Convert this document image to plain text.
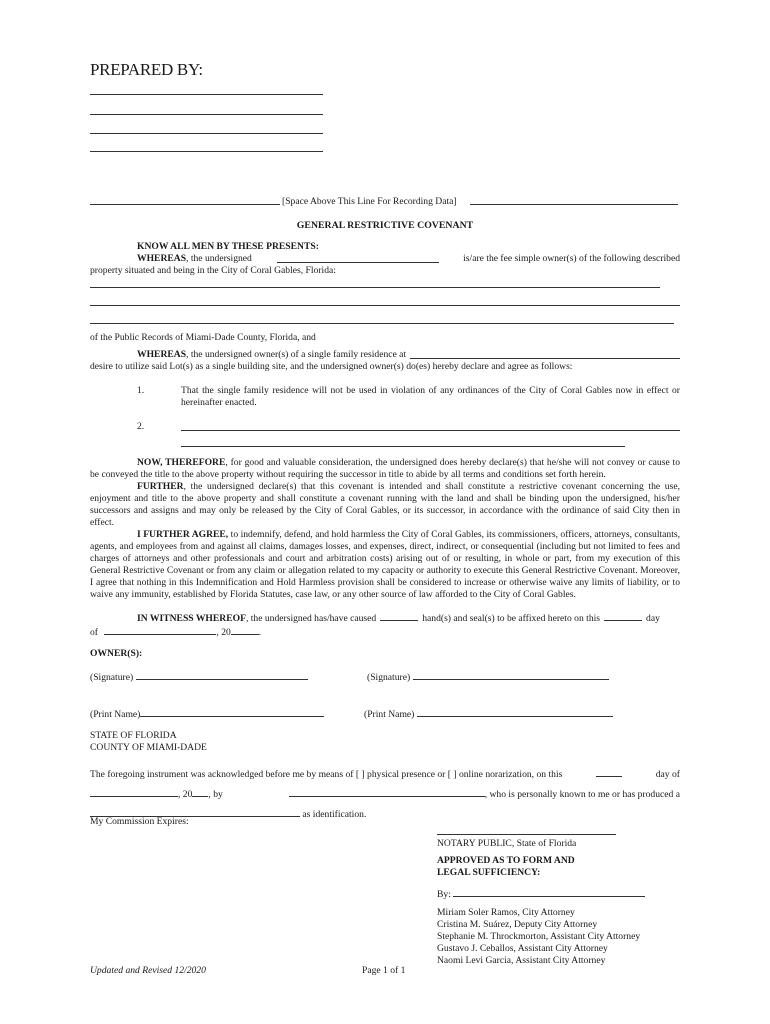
PREPARED BY:
[Space Above This Line For Recording Data]
GENERAL RESTRICTIVE COVENANT
KNOW ALL MEN BY THESE PRESENTS:
WHEREAS, the undersigned	is/are the fee simple owner(s) of the following described
property situated and being in the City of Coral Gables, Florida:
of the Public Records of Miami-Dade County, Florida, and
WHEREAS, the undersigned owner(s) of a single family residence at
desire to utilize said Lot(s) as a single building site, and the undersigned owner(s) do(es) hereby declare and agree as follows:
1.	That the single family residence will not be used in violation of any ordinances of the City of Coral Gables now in effect or hereinafter enacted.
2.
NOW, THEREFORE, for good and valuable consideration, the undersigned does hereby declare(s) that he/she will not convey or cause to be conveyed the title to the above property without requiring the successor in title to abide by all terms and conditions set forth herein.
FURTHER, the undersigned declare(s) that this covenant is intended and shall constitute a restrictive covenant concerning the use, enjoyment and title to the above property and shall constitute a covenant running with the land and shall be binding upon the undersigned, his/her successors and assigns and may only be released by the City of Coral Gables, or its successor, in accordance with the ordinance of said City then in effect.
I FURTHER AGREE, to indemnify, defend, and hold harmless the City of Coral Gables, its commissioners, officers, attorneys, consultants, agents, and employees from and against all claims, damages losses, and expenses, direct, indirect, or consequential (including but not limited to fees and charges of attorneys and other professionals and court and arbitration costs) arising out of or resulting, in whole or part, from my execution of this General Restrictive Covenant or from any claim or allegation related to my capacity or authority to execute this General Restrictive Covenant. Moreover, I agree that nothing in this Indemnification and Hold Harmless provision shall be considered to increase or otherwise waive any limits of liability, or to waive any immunity, established by Florida Statutes, case law, or any other source of law afforded to the City of Coral Gables.
IN WITNESS WHEREOF, the undersigned has/have caused	hand(s) and seal(s) to be affixed hereto on this	day
of	, 20	.
OWNER(S):
(Signature)	(Signature)
(Print Name)	(Print Name)
STATE OF FLORIDA
COUNTY OF MIAMI-DADE
The foregoing instrument was acknowledged before me by means of [ ] physical presence or [ ] online norarization, on this	day of
, 20 , by	, who is personally known to me or has produced a
as identification.
My Commission Expires:
NOTARY PUBLIC, State of Florida
APPROVED AS TO FORM AND
LEGAL SUFFICIENCY:
By:
Miriam Soler Ramos, City Attorney
Cristina M. Suárez, Deputy City Attorney
Stephanie M. Throckmorton, Assistant City Attorney
Gustavo J. Ceballos, Assistant City Attorney
Naomi Levi Garcia, Assistant City Attorney
Updated and Revised 12/2020	Page 1 of 1
